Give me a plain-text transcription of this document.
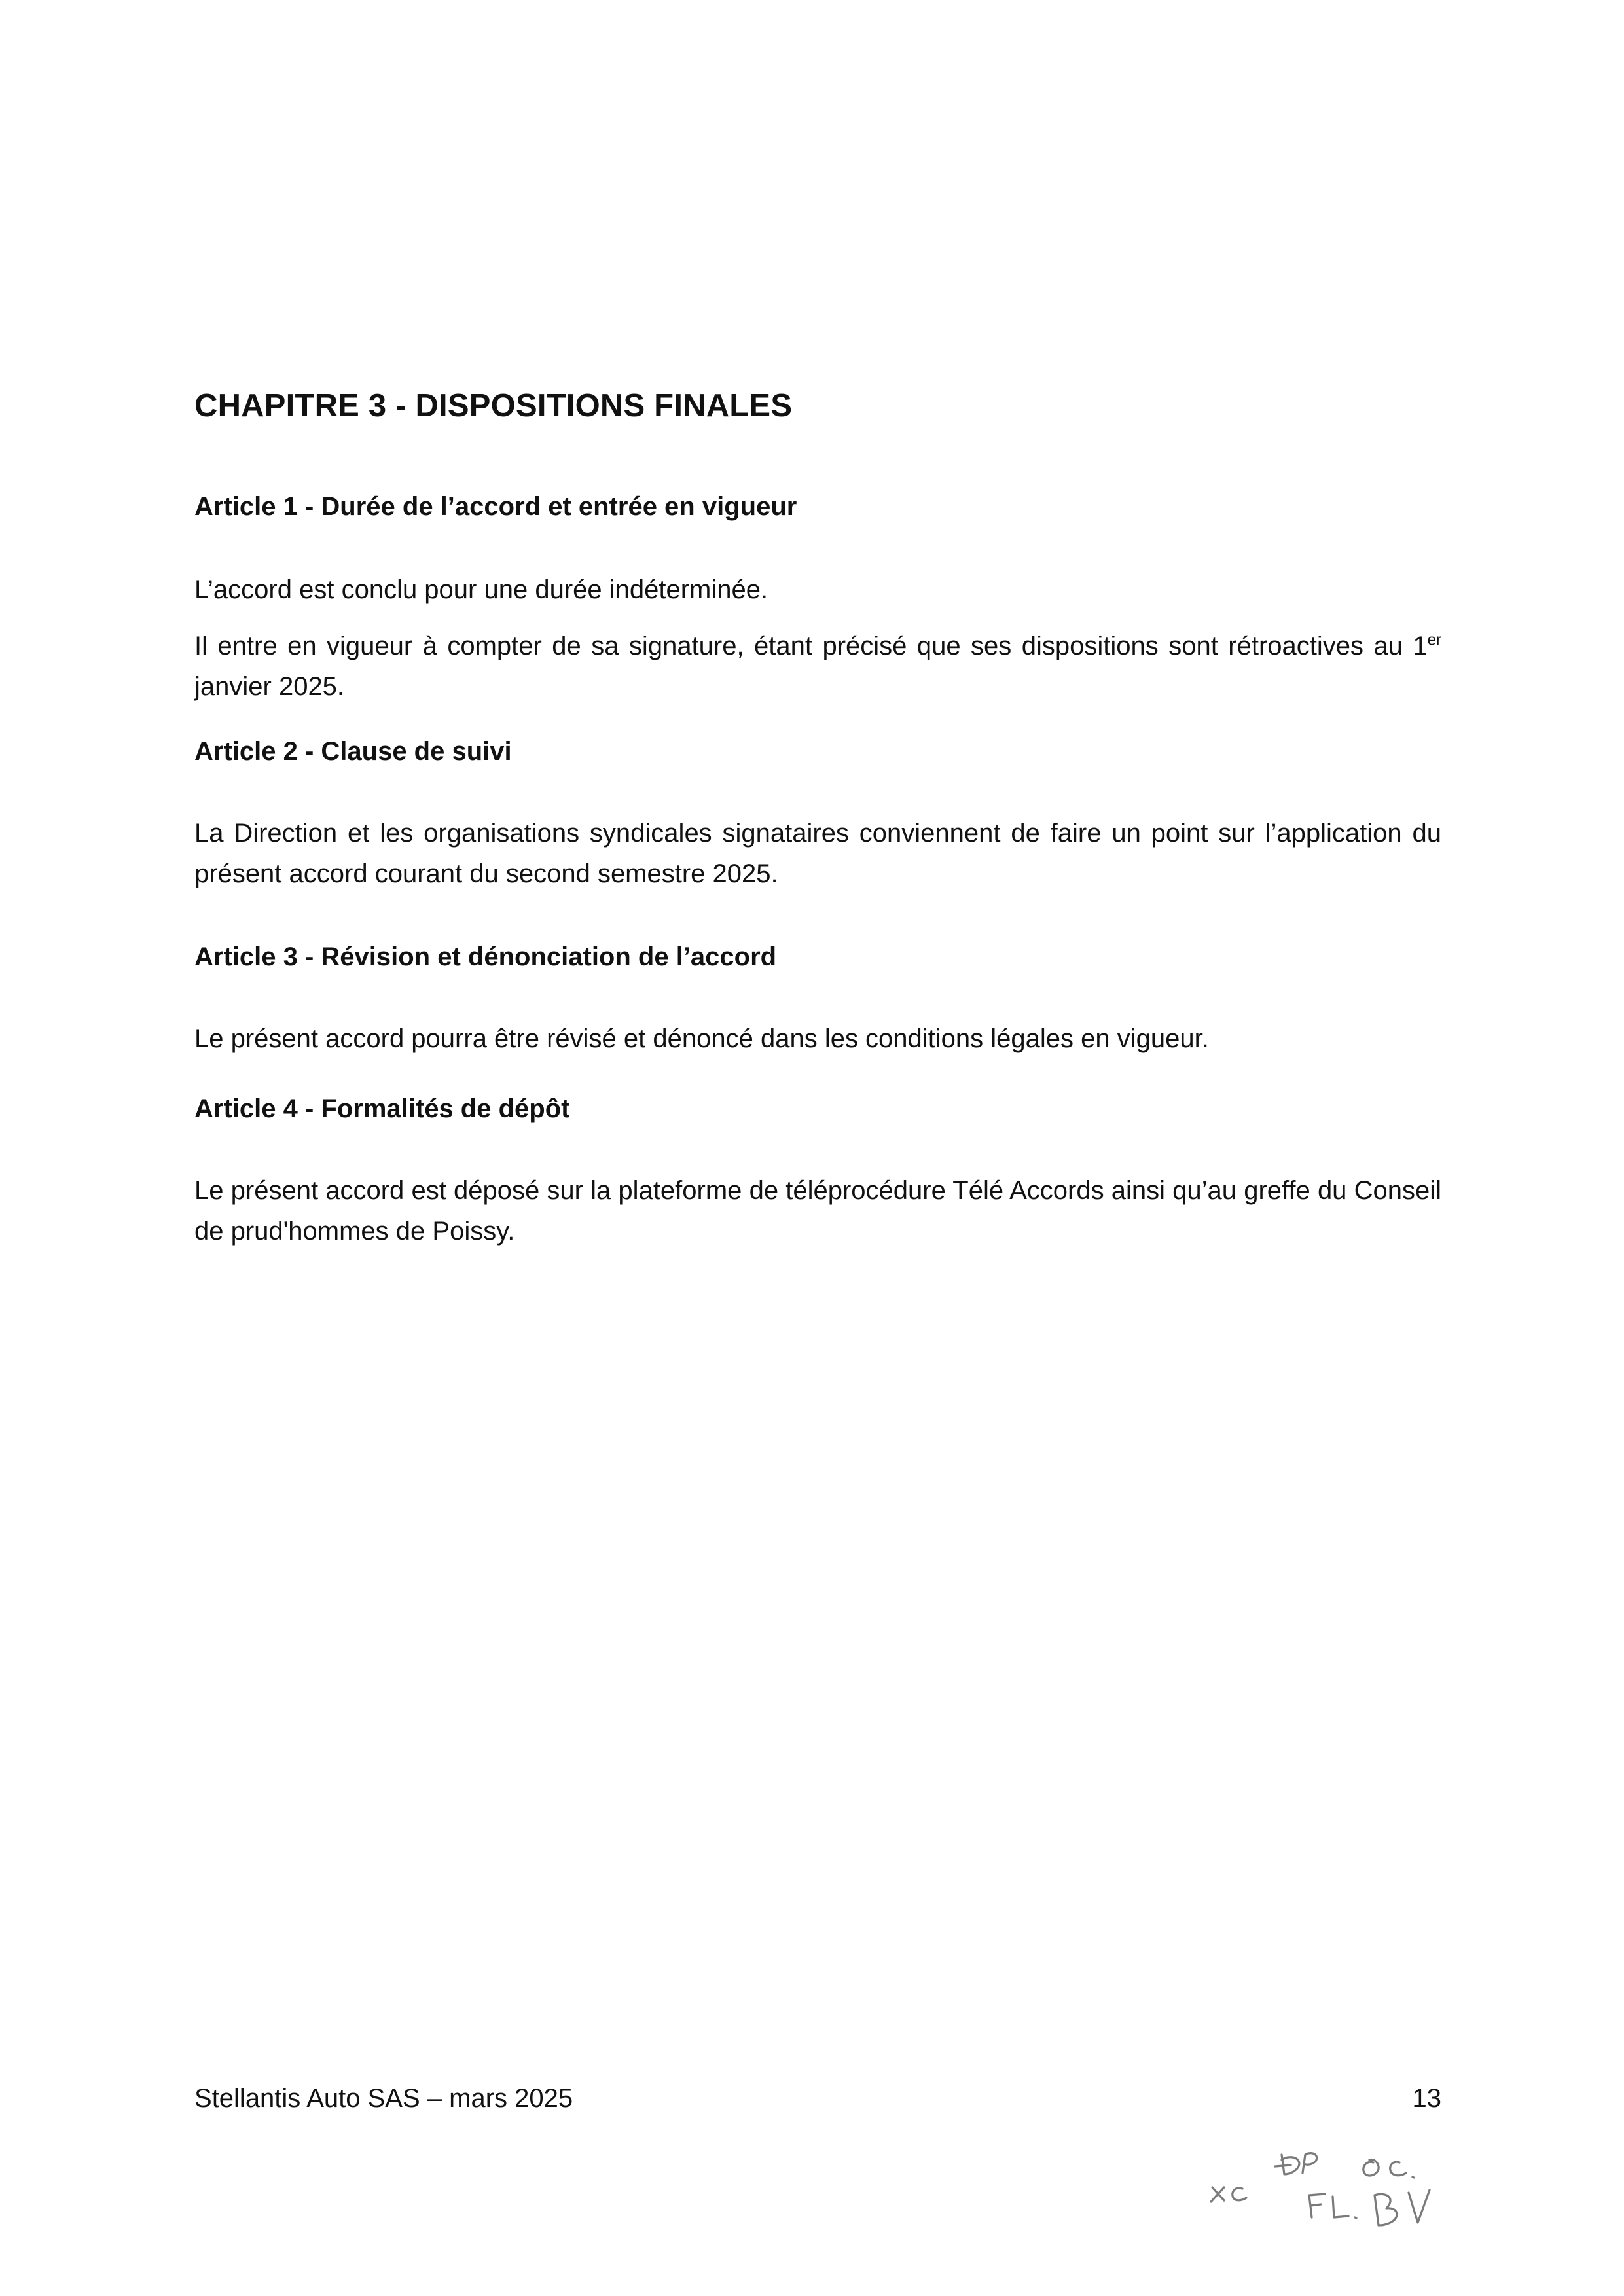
CHAPITRE 3 - DISPOSITIONS FINALES
Article 1 - Durée de l’accord et entrée en vigueur

L’accord est conclu pour une durée indéterminée.

Il entre en vigueur à compter de sa signature, étant précisé que ses dispositions sont rétroactives au 1er janvier 2025.

Article 2 - Clause de suivi

La Direction et les organisations syndicales signataires conviennent de faire un point sur l’application du présent accord courant du second semestre 2025.

Article 3 - Révision et dénonciation de l’accord

Le présent accord pourra être révisé et dénoncé dans les conditions légales en vigueur.

Article 4 - Formalités de dépôt

Le présent accord est déposé sur la plateforme de téléprocédure Télé Accords ainsi qu’au greffe du Conseil de prud'hommes de Poissy.

Stellantis Auto SAS – mars 2025	13
